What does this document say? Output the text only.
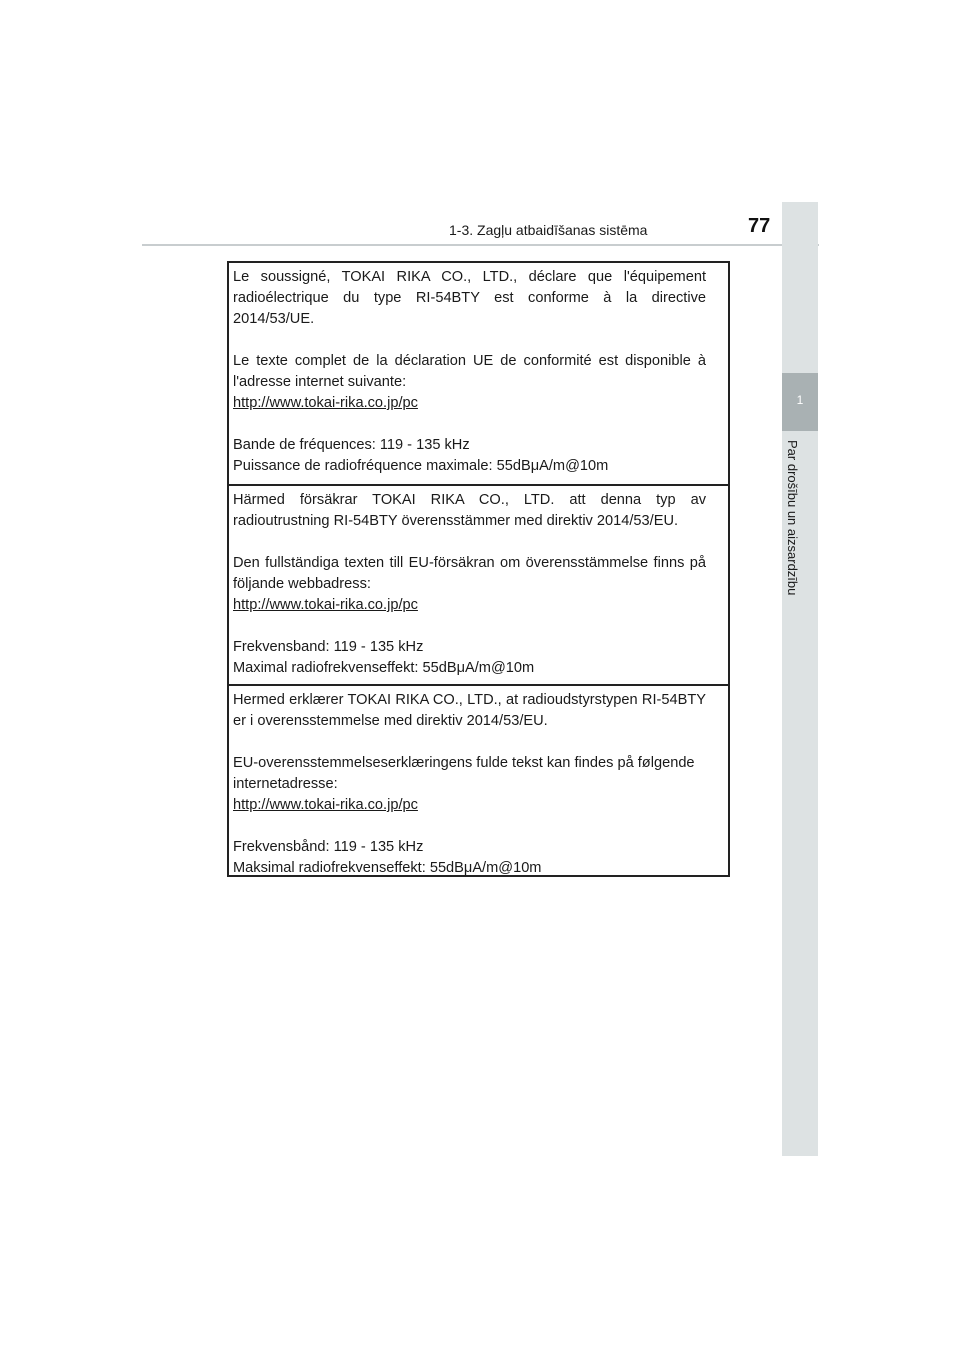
1-3. Zagļu atbaidīšanas sistēma	77
1
Par drošību un aizsardzību

Le soussigné, TOKAI RIKA CO., LTD., déclare que l'équipement radioélectrique du type RI-54BTY est conforme à la directive 2014/53/UE.

Le texte complet de la déclaration UE de conformité est disponible à l'adresse internet suivante:

http://www.tokai-rika.co.jp/pc

Bande de fréquences: 119 - 135 kHz

Puissance de radiofréquence maximale: 55dBμA/m@10m

Härmed försäkrar TOKAI RIKA CO., LTD. att denna typ av radioutrustning RI-54BTY överensstämmer med direktiv 2014/53/EU.

Den fullständiga texten till EU-försäkran om överensstämmelse finns på följande webbadress:

http://www.tokai-rika.co.jp/pc

Frekvensband: 119 - 135 kHz

Maximal radiofrekvenseffekt: 55dBμA/m@10m

Hermed erklærer TOKAI RIKA CO., LTD., at radioudstyrstypen RI-54BTY er i overensstemmelse med direktiv 2014/53/EU.

EU-overensstemmelseserklæringens fulde tekst kan findes på følgende internetadresse:

http://www.tokai-rika.co.jp/pc

Frekvensbånd: 119 - 135 kHz

Maksimal radiofrekvenseffekt: 55dBμA/m@10m
